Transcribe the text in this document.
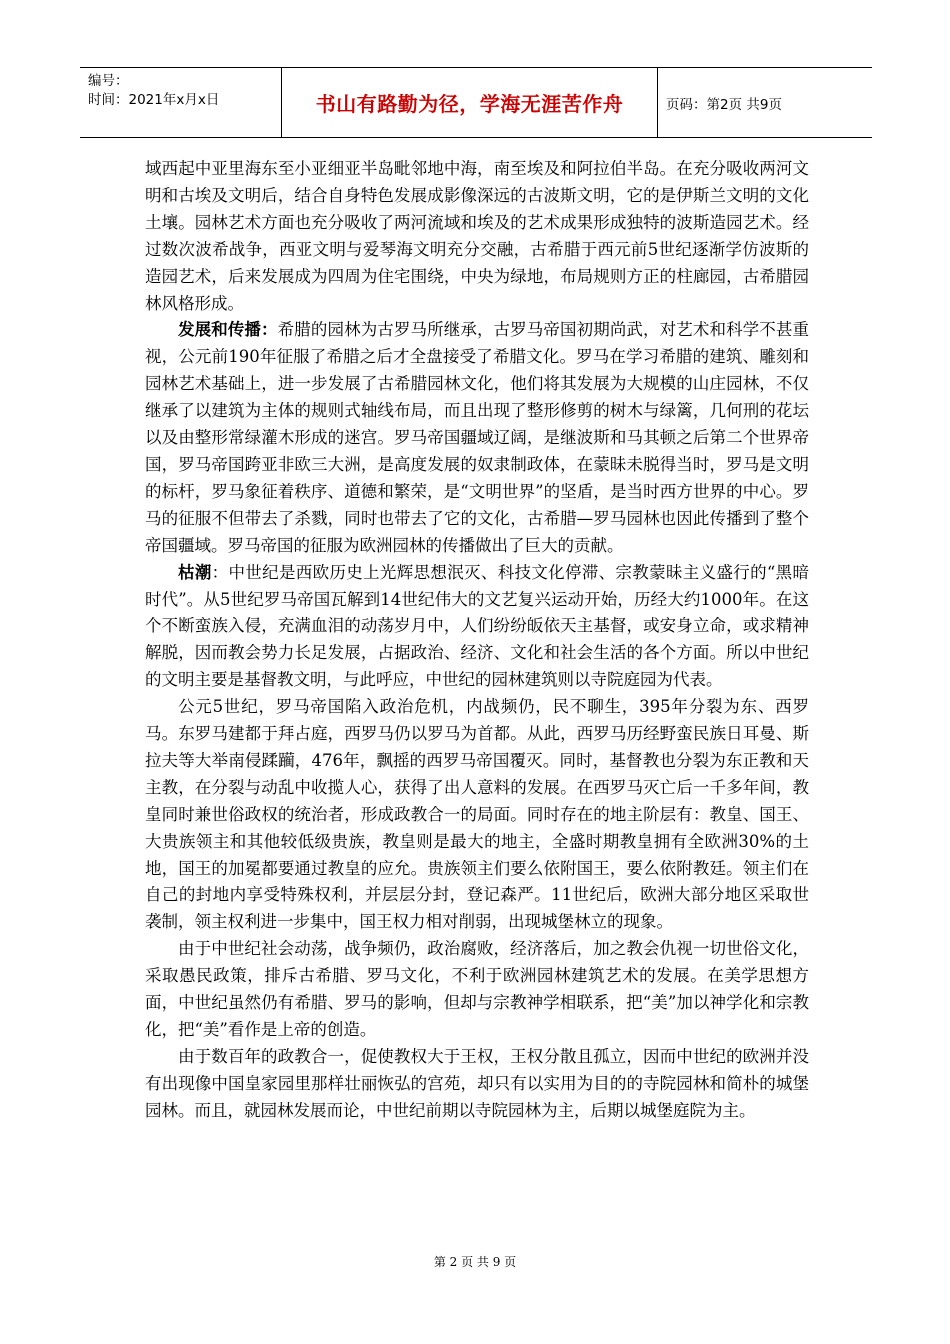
编号：
时间：2021年x月x日	书山有路勤为径，学海无涯苦作舟	页码：第2页 共9页

域西起中亚里海东至小亚细亚半岛毗邻地中海，南至埃及和阿拉伯半岛。在充分吸收两河文明和古埃及文明后，结合自身特色发展成影像深远的古波斯文明，它的是伊斯兰文明的文化土壤。园林艺术方面也充分吸收了两河流域和埃及的艺术成果形成独特的波斯造园艺术。经过数次波希战争，西亚文明与爱琴海文明充分交融，古希腊于西元前5世纪逐渐学仿波斯的造园艺术，后来发展成为四周为住宅围绕，中央为绿地，布局规则方正的柱廊园，古希腊园林风格形成。

发展和传播：希腊的园林为古罗马所继承，古罗马帝国初期尚武，对艺术和科学不甚重视，公元前190年征服了希腊之后才全盘接受了希腊文化。罗马在学习希腊的建筑、雕刻和园林艺术基础上，进一步发展了古希腊园林文化，他们将其发展为大规模的山庄园林，不仅继承了以建筑为主体的规则式轴线布局，而且出现了整形修剪的树木与绿篱，几何刑的花坛以及由整形常绿灌木形成的迷宫。罗马帝国疆域辽阔，是继波斯和马其顿之后第二个世界帝国，罗马帝国跨亚非欧三大洲，是高度发展的奴隶制政体，在蒙昧未脱得当时，罗马是文明的标杆，罗马象征着秩序、道德和繁荣，是“文明世界”的坚盾，是当时西方世界的中心。罗马的征服不但带去了杀戮，同时也带去了它的文化，古希腊—罗马园林也因此传播到了整个帝国疆域。罗马帝国的征服为欧洲园林的传播做出了巨大的贡献。

枯潮：中世纪是西欧历史上光辉思想泯灭、科技文化停滞、宗教蒙昧主义盛行的“黑暗时代”。从5世纪罗马帝国瓦解到14世纪伟大的文艺复兴运动开始，历经大约1000年。在这个不断蛮族入侵，充满血泪的动荡岁月中，人们纷纷皈依天主基督，或安身立命，或求精神解脱，因而教会势力长足发展，占据政治、经济、文化和社会生活的各个方面。所以中世纪的文明主要是基督教文明，与此呼应，中世纪的园林建筑则以寺院庭园为代表。

公元5世纪，罗马帝国陷入政治危机，内战频仍，民不聊生，395年分裂为东、西罗马。东罗马建都于拜占庭，西罗马仍以罗马为首都。从此，西罗马历经野蛮民族日耳曼、斯拉夫等大举南侵蹂躏，476年，飘摇的西罗马帝国覆灭。同时，基督教也分裂为东正教和天主教，在分裂与动乱中收揽人心，获得了出人意料的发展。在西罗马灭亡后一千多年间，教皇同时兼世俗政权的统治者，形成政教合一的局面。同时存在的地主阶层有：教皇、国王、大贵族领主和其他较低级贵族，教皇则是最大的地主，全盛时期教皇拥有全欧洲30%的土地，国王的加冕都要通过教皇的应允。贵族领主们要么依附国王，要么依附教廷。领主们在自己的封地内享受特殊权利，并层层分封，登记森严。11世纪后，欧洲大部分地区采取世袭制，领主权利进一步集中，国王权力相对削弱，出现城堡林立的现象。

由于中世纪社会动荡，战争频仍，政治腐败，经济落后，加之教会仇视一切世俗文化，采取愚民政策，排斥古希腊、罗马文化，不利于欧洲园林建筑艺术的发展。在美学思想方面，中世纪虽然仍有希腊、罗马的影响，但却与宗教神学相联系，把“美”加以神学化和宗教化，把“美”看作是上帝的创造。

由于数百年的政教合一，促使教权大于王权，王权分散且孤立，因而中世纪的欧洲并没有出现像中国皇家园里那样壮丽恢弘的宫苑，却只有以实用为目的的寺院园林和简朴的城堡园林。而且，就园林发展而论，中世纪前期以寺院园林为主，后期以城堡庭院为主。

第 2 页 共 9 页
